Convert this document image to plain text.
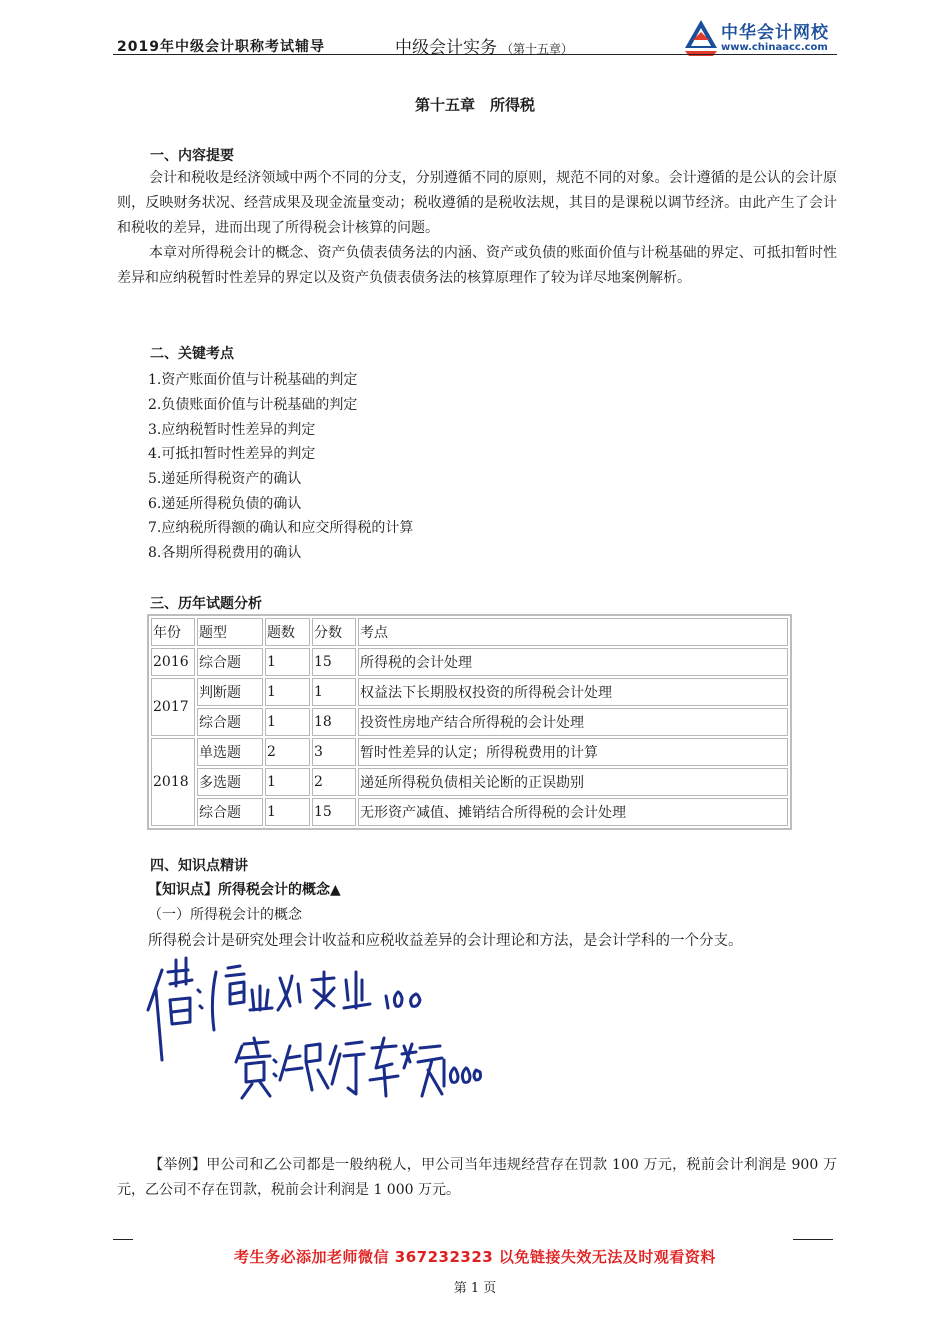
2019年中级会计职称考试辅导	中级会计实务 （第十五章）
中华会计网校
www.chinaacc.com
第十五章　所得税
一、内容提要
会计和税收是经济领域中两个不同的分支，分别遵循不同的原则，规范不同的对象。会计遵循的是公认的会计原则，反映财务状况、经营成果及现金流量变动；税收遵循的是税收法规，其目的是课税以调节经济。由此产生了会计和税收的差异，进而出现了所得税会计核算的问题。
本章对所得税会计的概念、资产负债表债务法的内涵、资产或负债的账面价值与计税基础的界定、可抵扣暂时性差异和应纳税暂时性差异的界定以及资产负债表债务法的核算原理作了较为详尽地案例解析。
二、关键考点
1.资产账面价值与计税基础的判定
2.负债账面价值与计税基础的判定
3.应纳税暂时性差异的判定
4.可抵扣暂时性差异的判定
5.递延所得税资产的确认
6.递延所得税负债的确认
7.应纳税所得额的确认和应交所得税的计算
8.各期所得税费用的确认
三、历年试题分析
年份	题型	题数	分数	考点
2016	综合题	1	15	所得税的会计处理
2017	判断题	1	1	权益法下长期股权投资的所得税会计处理
	综合题	1	18	投资性房地产结合所得税的会计处理
2018	单选题	2	3	暂时性差异的认定；所得税费用的计算
	多选题	1	2	递延所得税负债相关论断的正误勘别
	综合题	1	15	无形资产减值、摊销结合所得税的会计处理
四、知识点精讲
【知识点】所得税会计的概念▲
（一）所得税会计的概念
所得税会计是研究处理会计收益和应税收益差异的会计理论和方法，是会计学科的一个分支。
【举例】甲公司和乙公司都是一般纳税人，甲公司当年违规经营存在罚款 100 万元，税前会计利润是 900 万元，乙公司不存在罚款，税前会计利润是 1 000 万元。
考生务必添加老师微信 367232323 以免链接失效无法及时观看资料
第 1 页
